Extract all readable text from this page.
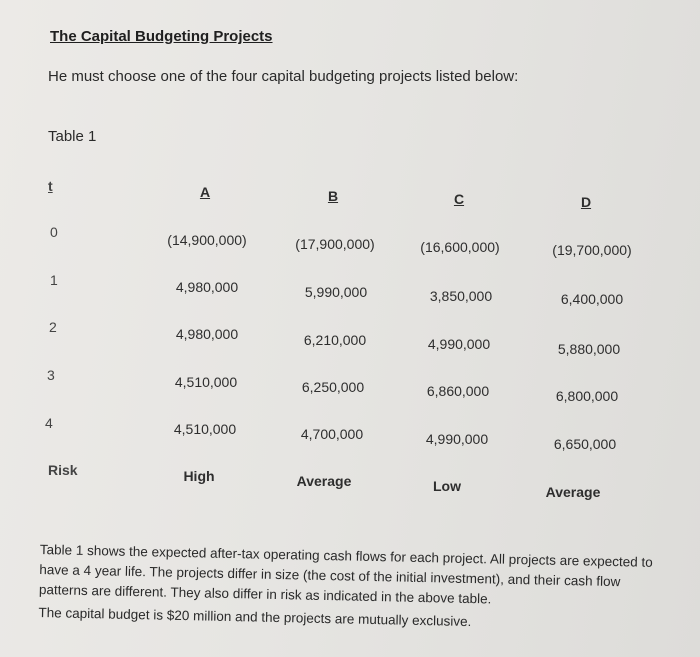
The Capital Budgeting Projects
He must choose one of the four capital budgeting projects listed below:
Table 1
t	A	B	C	D
0	(14,900,000)	(17,900,000)	(16,600,000)	(19,700,000)
1	4,980,000	5,990,000	3,850,000	6,400,000
2	4,980,000	6,210,000	4,990,000	5,880,000
3	4,510,000	6,250,000	6,860,000	6,800,000
4	4,510,000	4,700,000	4,990,000	6,650,000
Risk	High	Average	Low	Average

Table 1 shows the expected after-tax operating cash flows for each project. All projects are expected to have a 4 year life. The projects differ in size (the cost of the initial investment), and their cash flow patterns are different. They also differ in risk as indicated in the above table.

The capital budget is $20 million and the projects are mutually exclusive.
